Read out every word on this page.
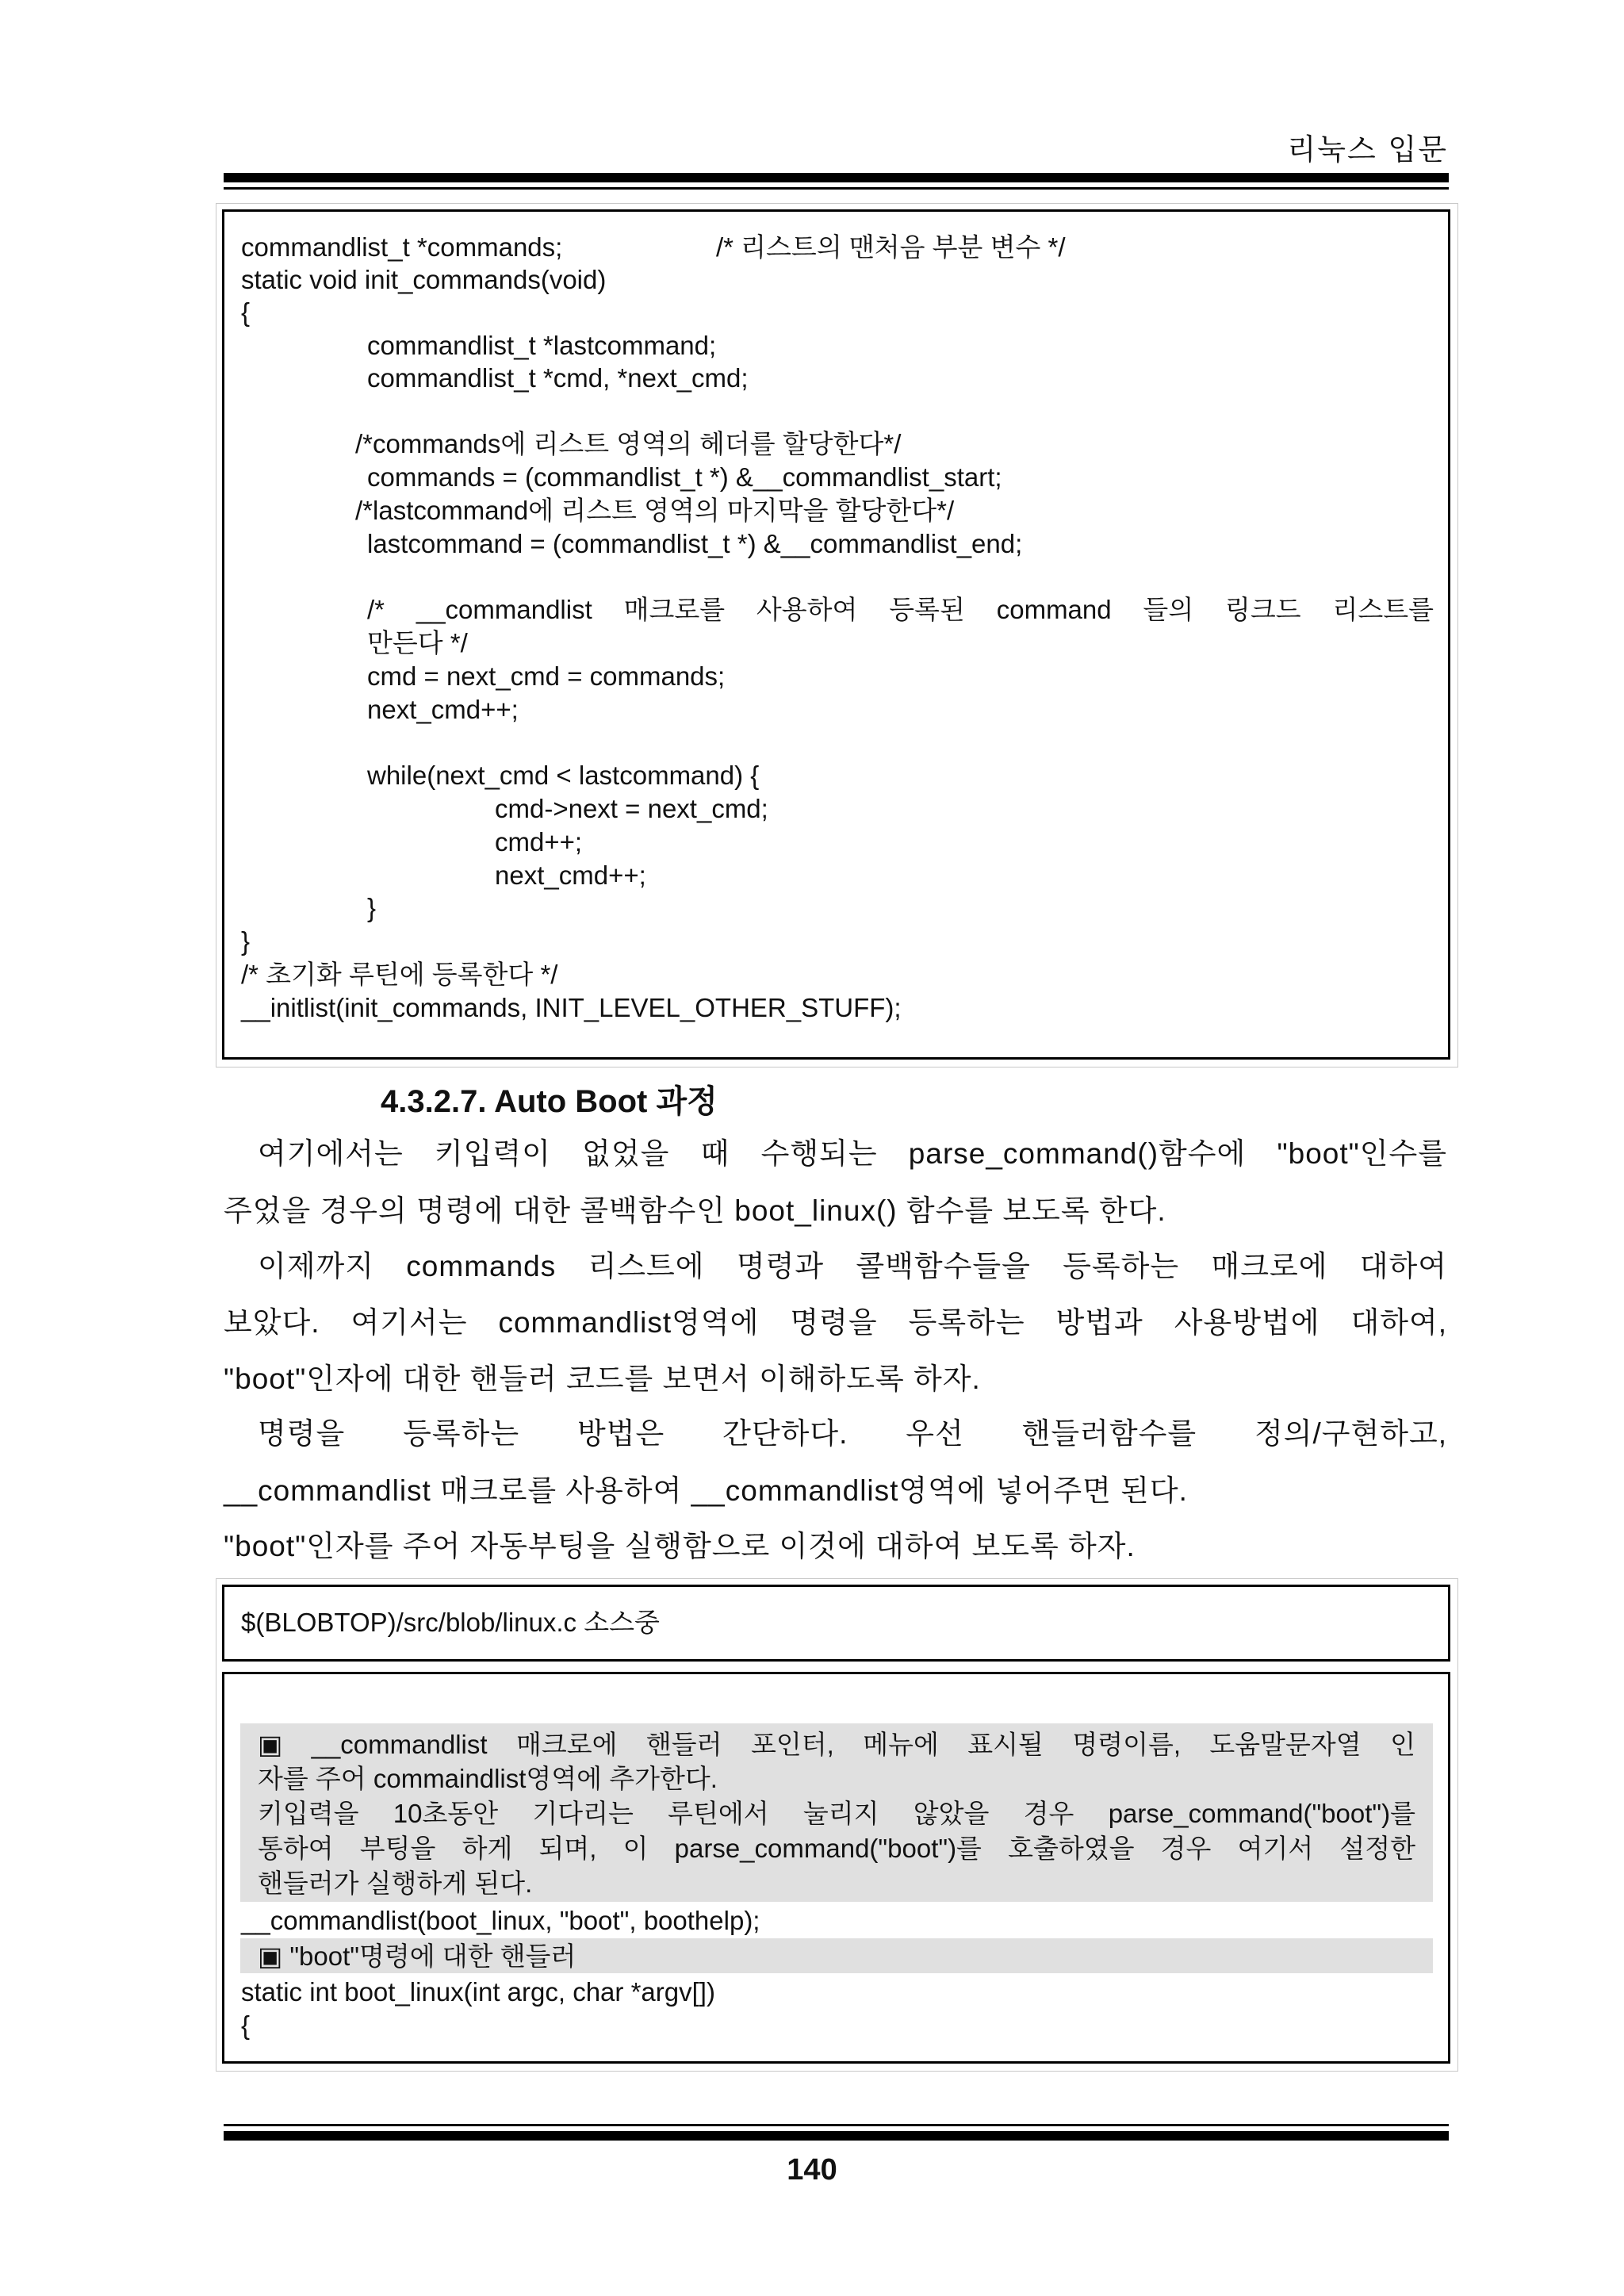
리눅스 입문
commandlist_t *commands;	/* 리스트의 맨처음 부분 변수 */
static void init_commands(void)
{
commandlist_t *lastcommand;
commandlist_t *cmd, *next_cmd;
/*commands에 리스트 영역의 헤더를 할당한다*/
commands = (commandlist_t *) &__commandlist_start;
/*lastcommand에 리스트 영역의 마지막을 할당한다*/
lastcommand = (commandlist_t *) &__commandlist_end;
/* __commandlist 매크로를 사용하여 등록된 command 들의 링크드 리스트를
만든다 */
cmd = next_cmd = commands;
next_cmd++;
while(next_cmd < lastcommand) {
cmd->next = next_cmd;
cmd++;
next_cmd++;
}
}
/* 초기화 루틴에 등록한다 */
__initlist(init_commands, INIT_LEVEL_OTHER_STUFF);
4.3.2.7. Auto Boot 과정
여기에서는 키입력이 없었을 때 수행되는 parse_command()함수에 "boot"인수를
주었을 경우의 명령에 대한 콜백함수인 boot_linux() 함수를 보도록 한다.
이제까지 commands 리스트에 명령과 콜백함수들을 등록하는 매크로에 대하여
보았다. 여기서는 commandlist영역에 명령을 등록하는 방법과 사용방법에 대하여,
"boot"인자에 대한 핸들러 코드를 보면서 이해하도록 하자.
명령을 등록하는 방법은 간단하다. 우선 핸들러함수를 정의/구현하고,
__commandlist 매크로를 사용하여 __commandlist영역에 넣어주면 된다.
"boot"인자를 주어 자동부팅을 실행함으로 이것에 대하여 보도록 하자.
$(BLOBTOP)/src/blob/linux.c 소스중
▣ __commandlist 매크로에 핸들러 포인터, 메뉴에 표시될 명령이름, 도움말문자열 인
자를 주어 commaindlist영역에 추가한다.
키입력을 10초동안 기다리는 루틴에서 눌리지 않았을 경우 parse_command("boot")를
통하여 부팅을 하게 되며, 이 parse_command("boot")를 호출하였을 경우 여기서 설정한
핸들러가 실행하게 된다.
__commandlist(boot_linux, "boot", boothelp);
▣ "boot"명령에 대한 핸들러
static int boot_linux(int argc, char *argv[])
{
140
